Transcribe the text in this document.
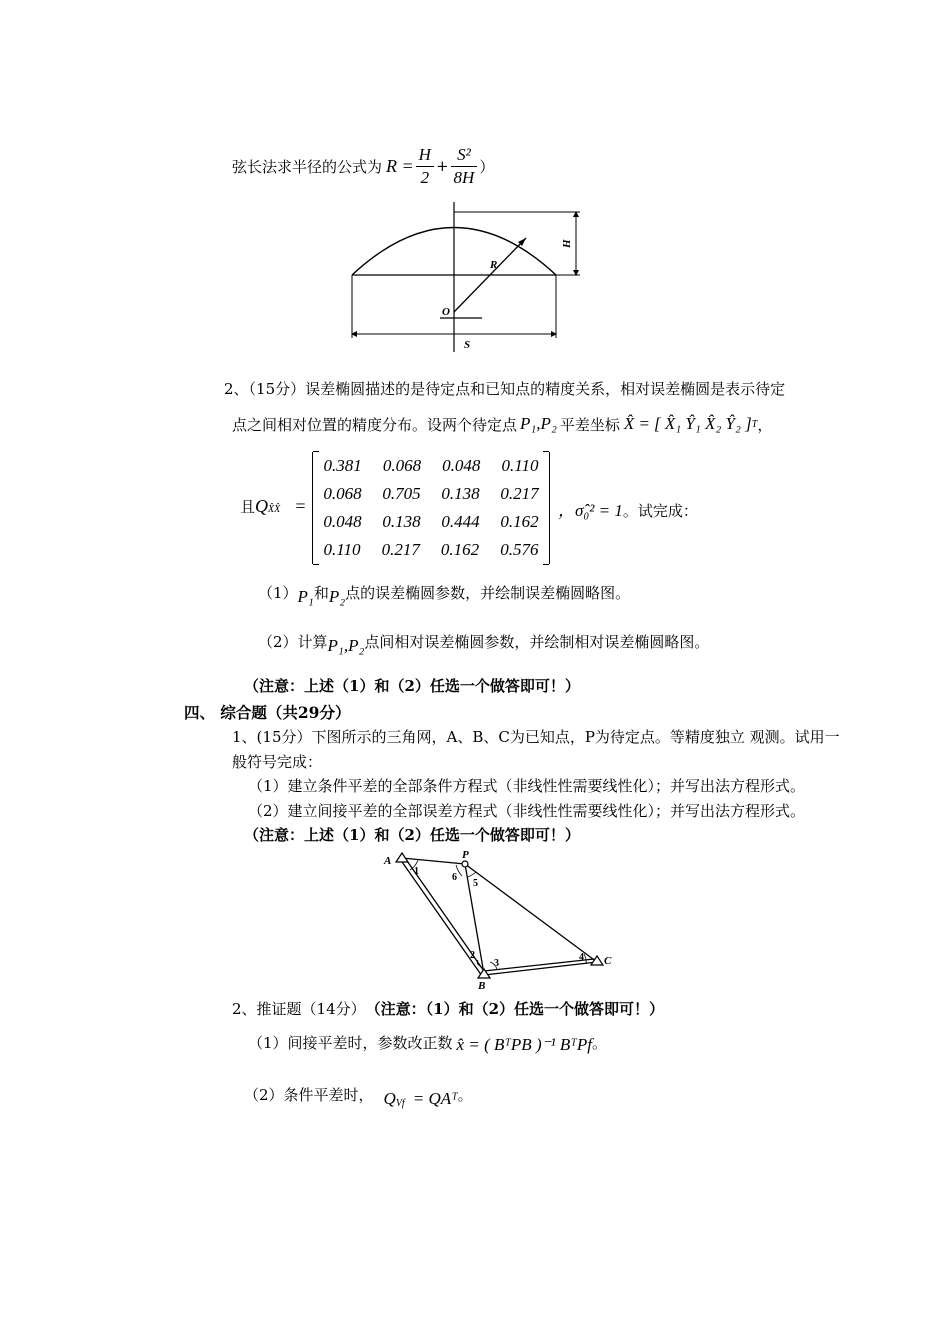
弦长法求半径的公式为 $R = \frac{H}{2} + \frac{\text{S²}}{8H}$ ）
H
R
O
S
2、（15分）误差椭圆描述的是待定点和已知点的精度关系，相对误差椭圆是表示待定
点之间相对位置的精度分布。设两个待定点 P₁,P₂ 平差坐标 X̂ = [ X̂₁ Ŷ₁ X̂₂ Ŷ₂ ] T ，
且 $Q_{X̂X̂}$ =
0.381 0.068 0.048 0.110
0.068 0.705 0.138 0.217
0.048 0.138 0.444 0.162
0.110 0.217 0.162 0.576
，σ̂₀² = 1 。试完成：
（1） P₁ 和 P₂ 点的误差椭圆参数，并绘制误差椭圆略图。
（2）计算 P₁,P₂ 点间相对误差椭圆参数，并绘制相对误差椭圆略图。
（注意：上述（1）和（2）任选一个做答即可！）
四、 综合题（共29分）
1、(15分）下图所示的三角网，A、B、C为已知点，P为待定点。等精度独立 观测。试用一
般符号完成：
（1）建立条件平差的全部条件方程式（非线性性需要线性化）；并写出法方程形式。
（2）建立间接平差的全部误差方程式（非线性性需要线性化）；并写出法方程形式。
（注意：上述（1）和（2）任选一个做答即可！）
A	P
B
C
1
2
3
4
5
6
2、推证题（14分） （注意：（1）和（2）任选一个做答即可！）
（1）间接平差时，参数改正数 x̂ = ( BᵀPB )⁻¹ BᵀPf 。
（2）条件平差时， $Q_{Vf}$ = QAᵀ 。
